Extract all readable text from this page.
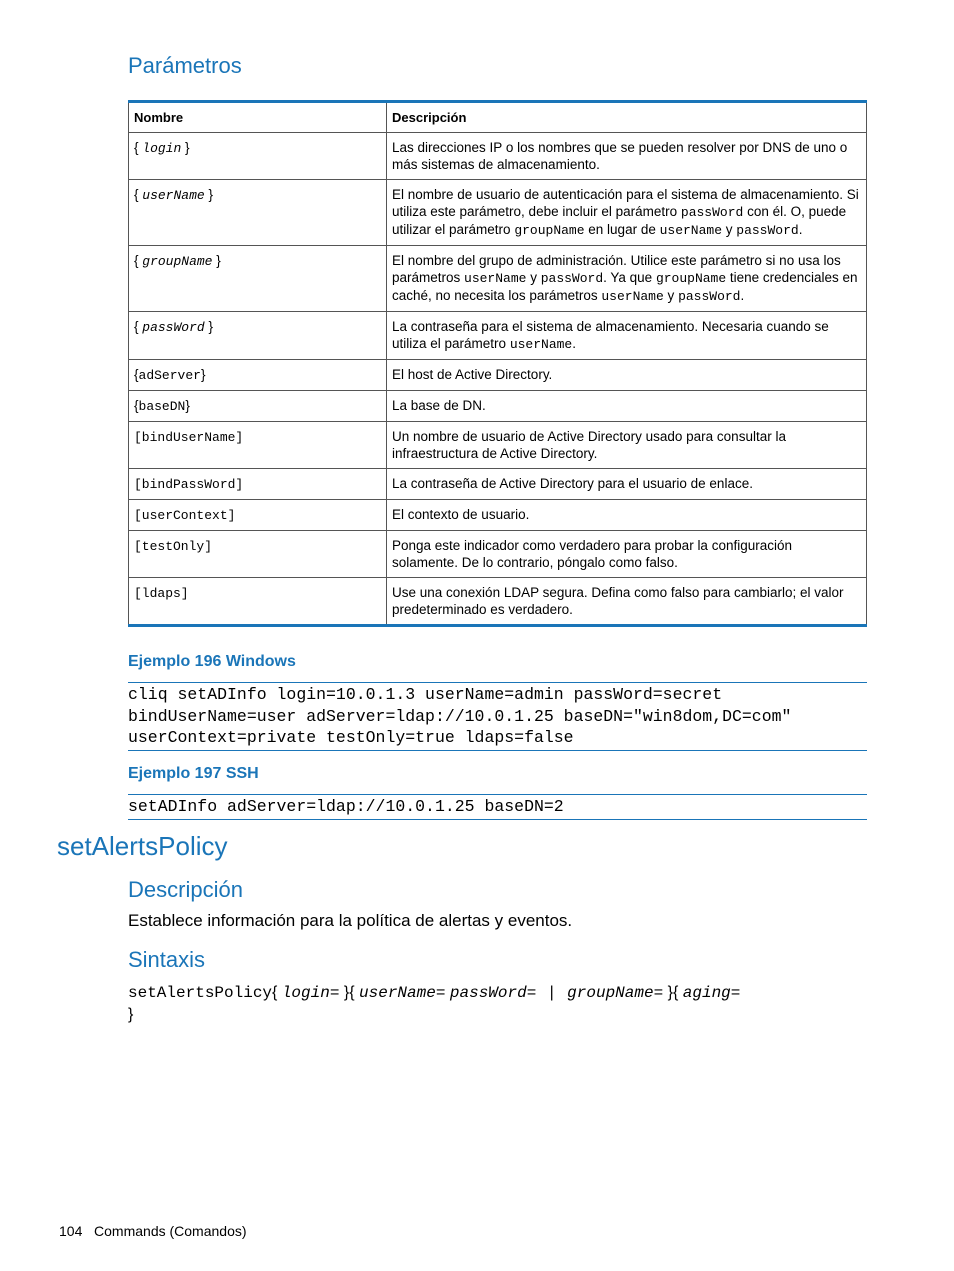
Parámetros
Nombre	Descripción
{ login }	Las direcciones IP o los nombres que se pueden resolver por DNS de uno o más sistemas de almacenamiento.
{ userName }	El nombre de usuario de autenticación para el sistema de almacenamiento. Si utiliza este parámetro, debe incluir el parámetro passWord con él. O, puede utilizar el parámetro groupName en lugar de userName y passWord.
{ groupName }	El nombre del grupo de administración. Utilice este parámetro si no usa los parámetros userName y passWord. Ya que groupName tiene credenciales en caché, no necesita los parámetros userName y passWord.
{ passWord }	La contraseña para el sistema de almacenamiento. Necesaria cuando se utiliza el parámetro userName.
{adServer}	El host de Active Directory.
{baseDN}	La base de DN.
[bindUserName]	Un nombre de usuario de Active Directory usado para consultar la infraestructura de Active Directory.
[bindPassWord]	La contraseña de Active Directory para el usuario de enlace.
[userContext]	El contexto de usuario.
[testOnly]	Ponga este indicador como verdadero para probar la configuración solamente. De lo contrario, póngalo como falso.
[ldaps]	Use una conexión LDAP segura. Defina como falso para cambiarlo; el valor predeterminado es verdadero.
Ejemplo 196 Windows
cliq setADInfo login=10.0.1.3 userName=admin passWord=secret
bindUserName=user adServer=ldap://10.0.1.25 baseDN="win8dom,DC=com"
userContext=private testOnly=true ldaps=false
Ejemplo 197 SSH
setADInfo adServer=ldap://10.0.1.25 baseDN=2
setAlertsPolicy
Descripción

Establece información para la política de alertas y eventos.

Sintaxis
setAlertsPolicy{ login= }{ userName= passWord= | groupName= }{ aging=
}
104 Commands (Comandos)
